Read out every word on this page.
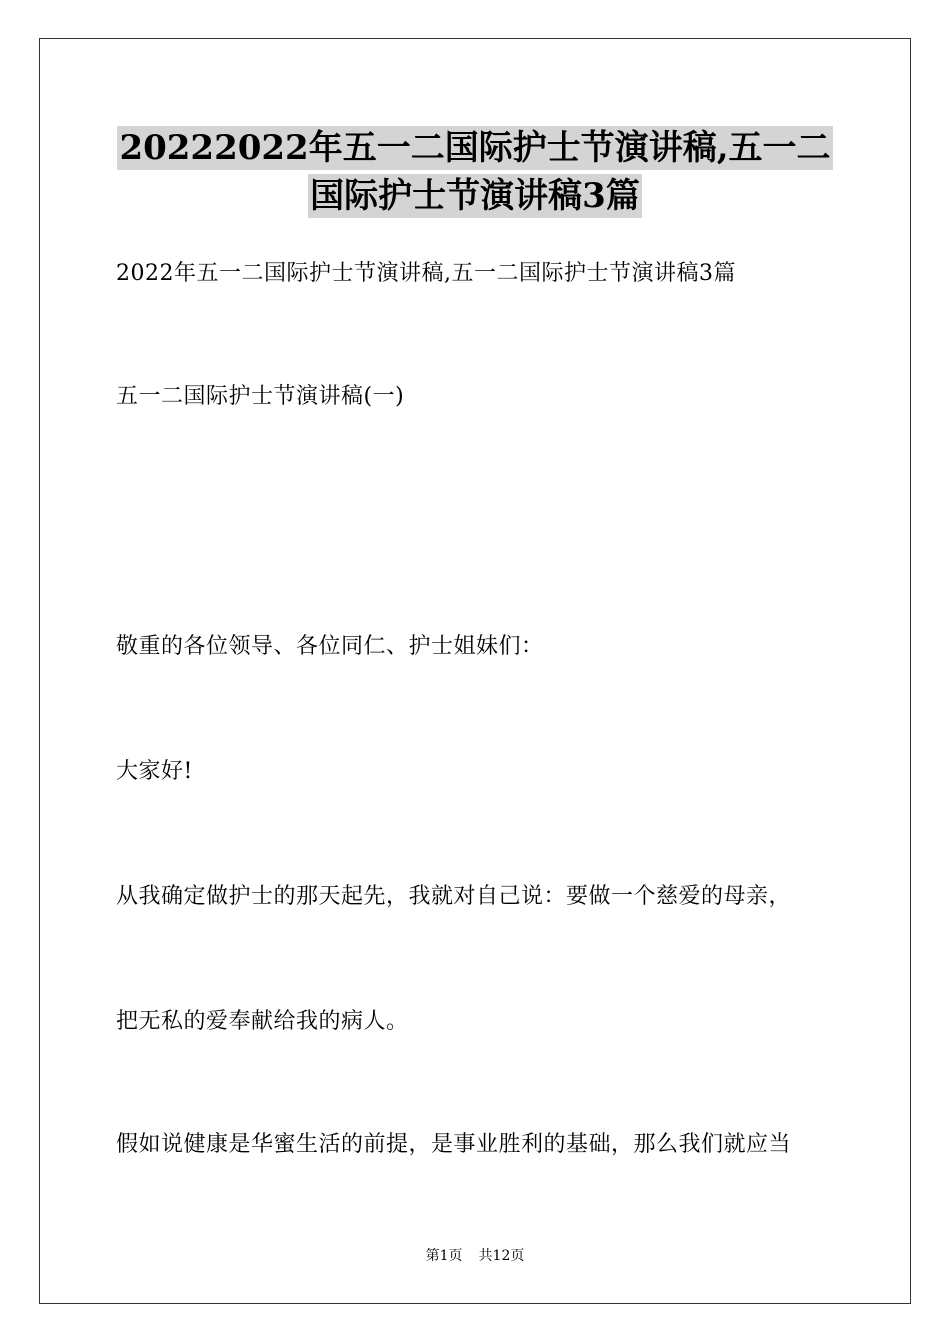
20222022年五一二国际护士节演讲稿,五一二
国际护士节演讲稿3篇
2022年五一二国际护士节演讲稿,五一二国际护士节演讲稿3篇
五一二国际护士节演讲稿(一)
敬重的各位领导、各位同仁、护士姐妹们：
大家好!
从我确定做护士的那天起先，我就对自己说：要做一个慈爱的母亲，
把无私的爱奉献给我的病人。
假如说健康是华蜜生活的前提，是事业胜利的基础，那么我们就应当
第1页 共12页
